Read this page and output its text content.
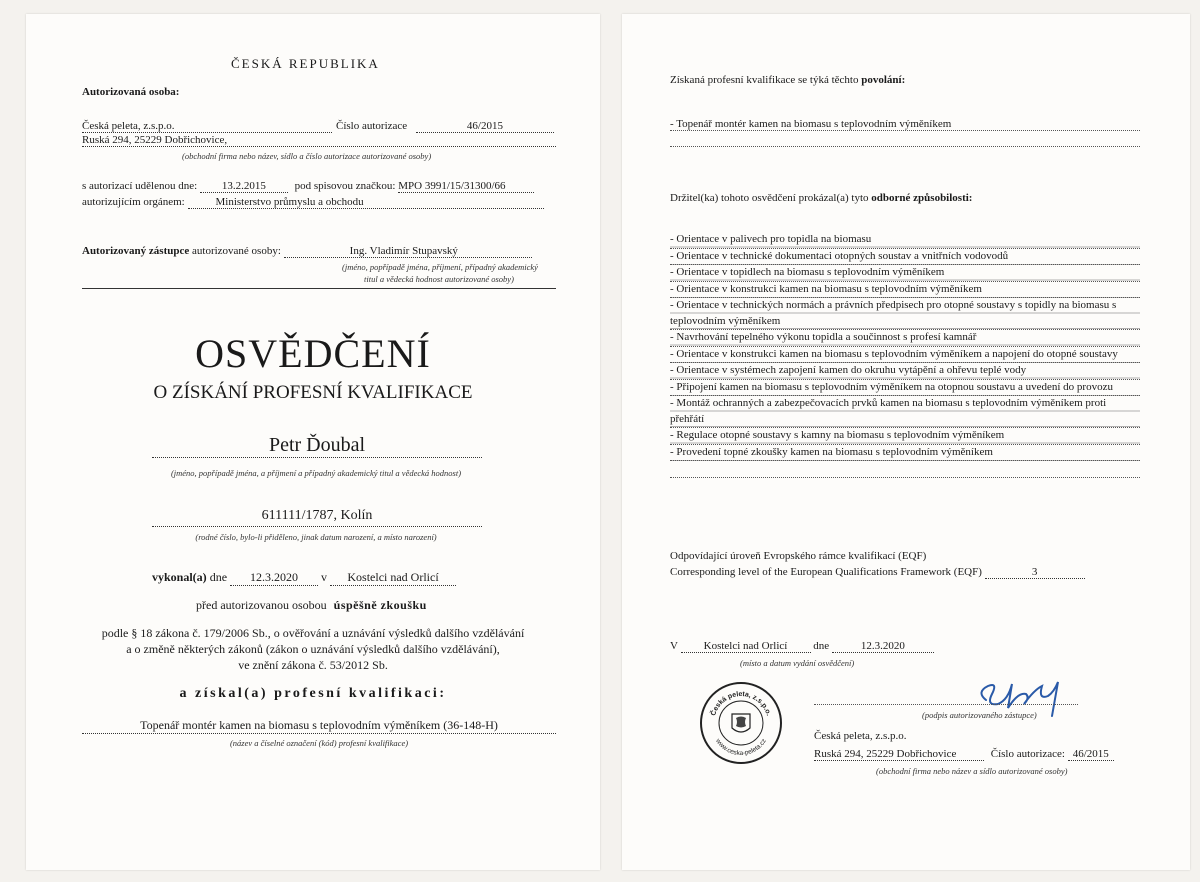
ČESKÁ REPUBLIKA
Autorizovaná osoba:
Česká peleta, z.s.p.o.	Číslo autorizace	46/2015
Ruská 294, 25229 Dobřichovice,
(obchodní firma nebo název, sídlo a číslo autorizace autorizované osoby)
s autorizací udělenou dne: 13.2.2015	pod spisovou značkou: MPO 3991/15/31300/66
autorizujícím orgánem:	Ministerstvo průmyslu a obchodu
Autorizovaný zástupce autorizované osoby:	Ing. Vladimír Stupavský
(jméno, popřípadě jména, příjmení, případný akademický
titul a vědecká hodnost autorizované osoby)
OSVĚDČENÍ
O ZÍSKÁNÍ PROFESNÍ KVALIFIKACE
Petr Ďoubal
(jméno, popřípadě jména, a příjmení a případný akademický titul a vědecká hodnost)
611111/1787, Kolín
(rodné číslo, bylo-li přiděleno, jinak datum narození, a místo narození)
vykonal(a) dne 12.3.2020 v Kostelci nad Orlicí
před autorizovanou osobou úspěšně zkoušku
podle § 18 zákona č. 179/2006 Sb., o ověřování a uznávání výsledků dalšího vzdělávání
a o změně některých zákonů (zákon o uznávání výsledků dalšího vzdělávání),
ve znění zákona č. 53/2012 Sb.
a získal(a) profesní kvalifikaci:
Topenář montér kamen na biomasu s teplovodním výměníkem (36-148-H)
(název a číselné označení (kód) profesní kvalifikace)
Získaná profesní kvalifikace se týká těchto povolání:
- Topenář montér kamen na biomasu s teplovodním výměníkem
Držitel(ka) tohoto osvědčení prokázal(a) tyto odborné způsobilosti:
- Orientace v palivech pro topidla na biomasu
- Orientace v technické dokumentaci otopných soustav a vnitřních vodovodů
- Orientace v topidlech na biomasu s teplovodním výměníkem
- Orientace v konstrukci kamen na biomasu s teplovodním výměníkem
- Orientace v technických normách a právních předpisech pro otopné soustavy s topidly na biomasu s teplovodním výměníkem
- Navrhování tepelného výkonu topidla a součinnost s profesí kamnář
- Orientace v konstrukci kamen na biomasu s teplovodním výměníkem a napojení do otopné soustavy
- Orientace v systémech zapojení kamen do okruhu vytápění a ohřevu teplé vody
- Připojení kamen na biomasu s teplovodním výměníkem na otopnou soustavu a uvedení do provozu
- Montáž ochranných a zabezpečovacích prvků kamen na biomasu s teplovodním výměníkem proti přehřátí
- Regulace otopné soustavy s kamny na biomasu s teplovodním výměníkem
- Provedení topné zkoušky kamen na biomasu s teplovodním výměníkem
Odpovídající úroveň Evropského rámce kvalifikací (EQF)
Corresponding level of the European Qualifications Framework (EQF)	3
V Kostelci nad Orlicí dne	12.3.2020
(místo a datum vydání osvědčení)
Česká peleta, z.s.p.o.
www.ceska-peleta.cz
(podpis autorizovaného zástupce)
Česká peleta, z.s.p.o.
Ruská 294, 25229 Dobřichovice	Číslo autorizace: 46/2015
(obchodní firma nebo název a sídlo autorizované osoby)
